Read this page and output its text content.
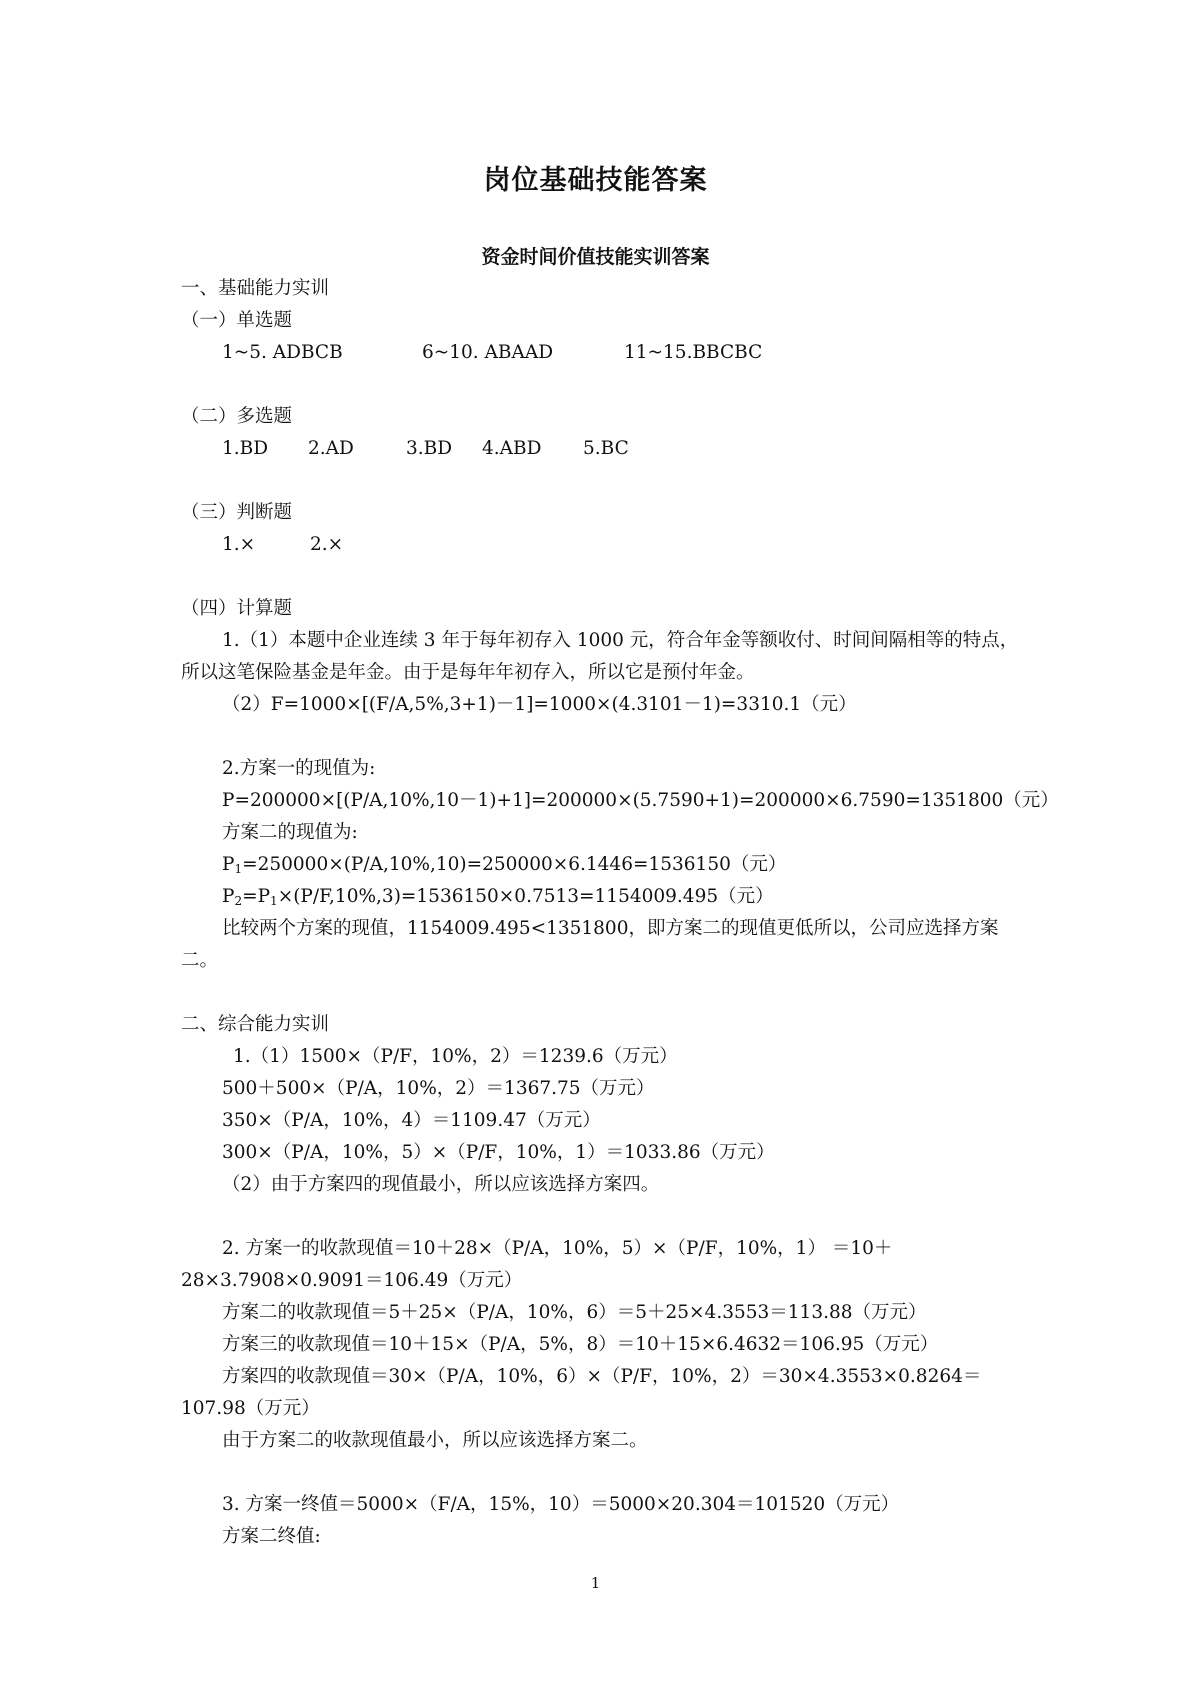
岗位基础技能答案
资金时间价值技能实训答案
一、基础能力实训
（一）单选题
1~5. ADBCB	6~10. ABAAD	11~15.BBCBC
（二）多选题
1.BD	2.AD	3.BD	4.ABD	5.BC
（三）判断题
1.×	2.×
（四）计算题
1.（1）本题中企业连续 3 年于每年初存入 1000 元，符合年金等额收付、时间间隔相等的特点，所以这笔保险基金是年金。由于是每年年初存入，所以它是预付年金。
（2）F=1000×[(F/A,5%,3+1)－1]=1000×(4.3101－1)=3310.1（元）
2.方案一的现值为:
P=200000×[(P/A,10%,10－1)+1]=200000×(5.7590+1)=200000×6.7590=1351800（元）
方案二的现值为:
$P_1=250000\times(P/A,10\%,10)=250000\times 6.1446=1536150$（元）
$P_2=P_1\times(P/F,10\%,3)=1536150\times 0.7513=1154009.495$（元）
比较两个方案的现值，1154009.495<1351800，即方案二的现值更低所以，公司应选择方案二。
二、综合能力实训
1.（1）1500×（P/F，10%，2）＝1239.6（万元）
500＋500×（P/A，10%，2）＝1367.75（万元）
350×（P/A，10%，4）＝1109.47（万元）
300×（P/A，10%，5）×（P/F，10%，1）＝1033.86（万元）
（2）由于方案四的现值最小，所以应该选择方案四。
2. 方案一的收款现值＝10＋28×（P/A，10%，5）×（P/F，10%，1） ＝10＋28×3.7908×0.9091＝106.49（万元）
方案二的收款现值＝5＋25×（P/A，10%，6）＝5＋25×4.3553＝113.88（万元）
方案三的收款现值＝10＋15×（P/A，5%，8）＝10＋15×6.4632＝106.95（万元）
方案四的收款现值＝30×（P/A，10%，6）×（P/F，10%，2）＝30×4.3553×0.8264＝107.98（万元）
由于方案二的收款现值最小，所以应该选择方案二。
3. 方案一终值＝5000×（F/A，15%，10）＝5000×20.304＝101520（万元）
方案二终值:
1
